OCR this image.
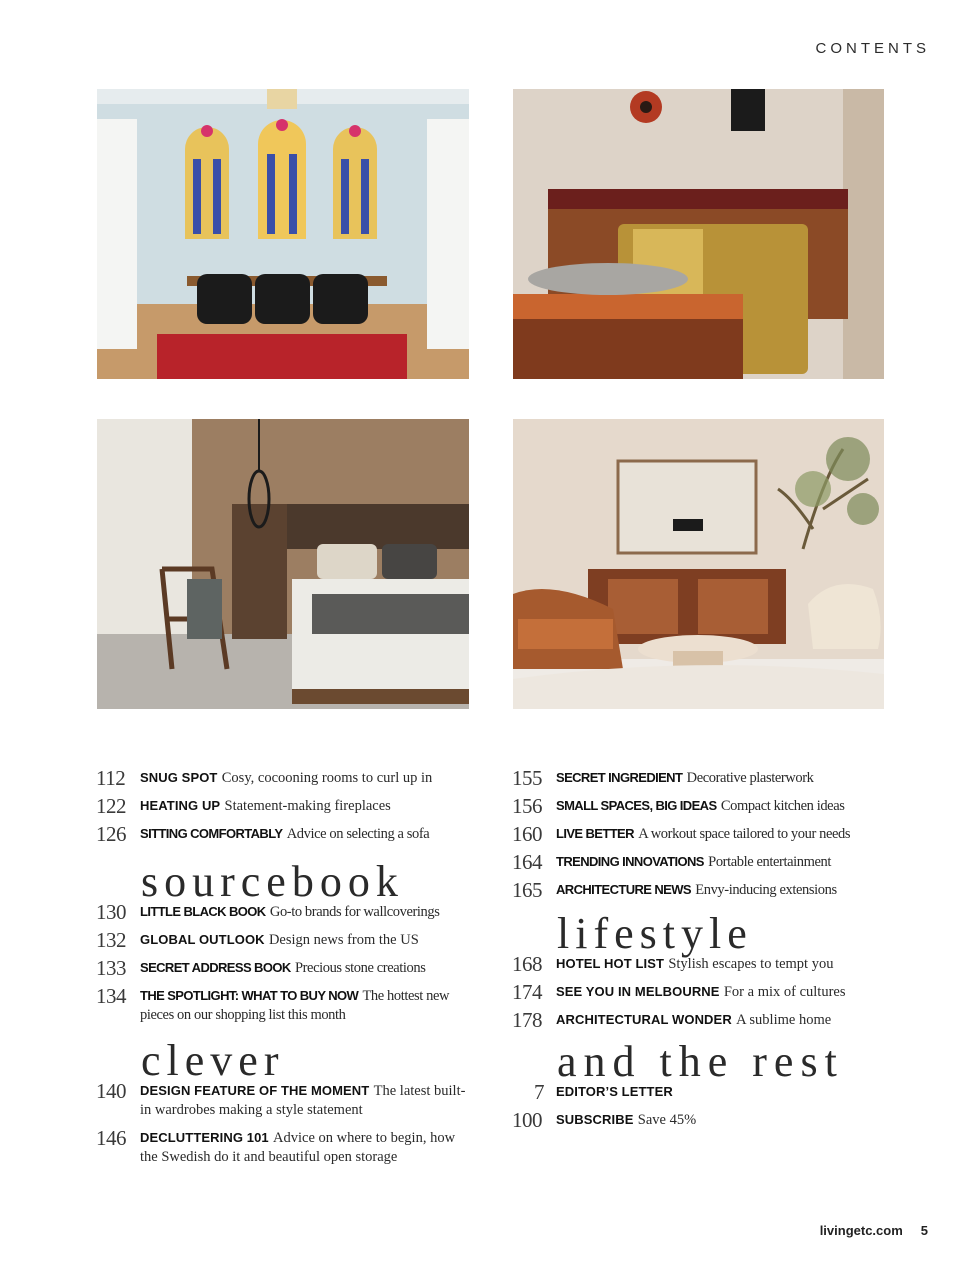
CONTENTS
112	SNUG SPOT Cosy, cocooning rooms to curl up in
122	HEATING UP Statement-making fireplaces
126	SITTING COMFORTABLY Advice on selecting a sofa
sourcebook
130	LITTLE BLACK BOOK Go-to brands for wallcoverings
132	GLOBAL OUTLOOK Design news from the US
133	SECRET ADDRESS BOOK Precious stone creations
134	THE SPOTLIGHT: WHAT TO BUY NOW The hottest new pieces on our shopping list this month
clever
140	DESIGN FEATURE OF THE MOMENT The latest built-in wardrobes making a style statement
146	DECLUTTERING 101 Advice on where to begin, how the Swedish do it and beautiful open storage
155	SECRET INGREDIENT Decorative plasterwork
156	SMALL SPACES, BIG IDEAS Compact kitchen ideas
160	LIVE BETTER A workout space tailored to your needs
164	TRENDING INNOVATIONS Portable entertainment
165	ARCHITECTURE NEWS Envy-inducing extensions
lifestyle
168	HOTEL HOT LIST Stylish escapes to tempt you
174	SEE YOU IN MELBOURNE For a mix of cultures
178	ARCHITECTURAL WONDER A sublime home
and the rest
7 EDITOR’S LETTER
100	SUBSCRIBE Save 45%
livingetc.com 5
